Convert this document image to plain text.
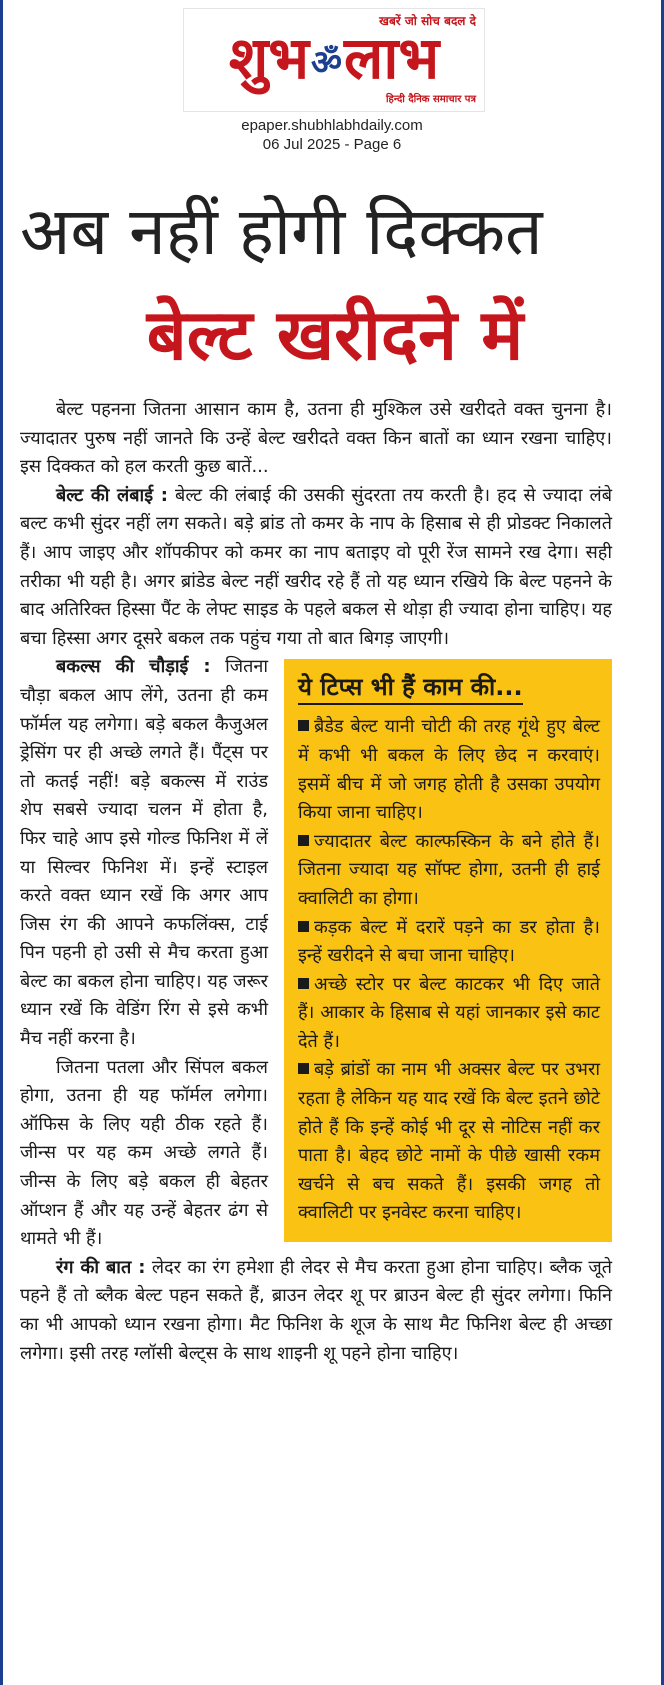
खबरें जो सोच बदल दे
शुभॐलाभ
हिन्दी दैनिक समाचार पत्र
epaper.shubhlabhdaily.com
06 Jul 2025 - Page 6
अब नहीं होगी दिक्कत
बेल्ट खरीदने में

बेल्ट पहनना जितना आसान काम है, उतना ही मुश्किल उसे खरीदते वक्त चुनना है। ज्यादातर पुरुष नहीं जानते कि उन्हें बेल्ट खरीदते वक्त किन बातों का ध्यान रखना चाहिए। इस दिक्कत को हल करती कुछ बातें...

बेल्ट की लंबाई : बेल्ट की लंबाई की उसकी सुंदरता तय करती है। हद से ज्यादा लंबे बल्ट कभी सुंदर नहीं लग सकते। बड़े ब्रांड तो कमर के नाप के हिसाब से ही प्रोडक्ट निकालते हैं। आप जाइए और शॉपकीपर को कमर का नाप बताइए वो पूरी रेंज सामने रख देगा। सही तरीका भी यही है। अगर ब्रांडेड बेल्ट नहीं खरीद रहे हैं तो यह ध्यान रखिये कि बेल्ट पहनने के बाद अतिरिक्त हिस्सा पैंट के लेफ्ट साइड के पहले बकल से थोड़ा ही ज्यादा होना चाहिए। यह बचा हिस्सा अगर दूसरे बकल तक पहुंच गया तो बात बिगड़ जाएगी।

ये टिप्स भी हैं काम की...

ब्रैडेड बेल्ट यानी चोटी की तरह गूंथे हुए बेल्ट में कभी भी बकल के लिए छेद न करवाएं। इसमें बीच में जो जगह होती है उसका उपयोग किया जाना चाहिए।

ज्यादातर बेल्ट काल्फस्किन के बने होते हैं। जितना ज्यादा यह सॉफ्ट होगा, उतनी ही हाई क्वालिटी का होगा।

कड़क बेल्ट में दरारें पड़ने का डर होता है। इन्हें खरीदने से बचा जाना चाहिए।

अच्छे स्टोर पर बेल्ट काटकर भी दिए जाते हैं। आकार के हिसाब से यहां जानकार इसे काट देते हैं।

बड़े ब्रांडों का नाम भी अक्सर बेल्ट पर उभरा रहता है लेकिन यह याद रखें कि बेल्ट इतने छोटे होते हैं कि इन्हें कोई भी दूर से नोटिस नहीं कर पाता है। बेहद छोटे नामों के पीछे खासी रकम खर्चने से बच सकते हैं। इसकी जगह तो क्वालिटी पर इनवेस्ट करना चाहिए।

बकल्स की चौड़ाई : जितना चौड़ा बकल आप लेंगे, उतना ही कम फॉर्मल यह लगेगा। बड़े बकल कैजुअल ड्रेसिंग पर ही अच्छे लगते हैं। पैंट्स पर तो कतई नहीं! बड़े बकल्स में राउंड शेप सबसे ज्यादा चलन में होता है, फिर चाहे आप इसे गोल्ड फिनिश में लें या सिल्वर फिनिश में। इन्हें स्टाइल करते वक्त ध्यान रखें कि अगर आप जिस रंग की आपने कफलिंक्स, टाई पिन पहनी हो उसी से मैच करता हुआ बेल्ट का बकल होना चाहिए। यह जरूर ध्यान रखें कि वेडिंग रिंग से इसे कभी मैच नहीं करना है।

जितना पतला और सिंपल बकल होगा, उतना ही यह फॉर्मल लगेगा। ऑफिस के लिए यही ठीक रहते हैं। जीन्स पर यह कम अच्छे लगते हैं। जीन्स के लिए बड़े बकल ही बेहतर ऑप्शन हैं और यह उन्हें बेहतर ढंग से थामते भी हैं।

रंग की बात : लेदर का रंग हमेशा ही लेदर से मैच करता हुआ होना चाहिए। ब्लैक जूते पहने हैं तो ब्लैक बेल्ट पहन सकते हैं, ब्राउन लेदर शू पर ब्राउन बेल्ट ही सुंदर लगेगा। फिनि का भी आपको ध्यान रखना होगा। मैट फिनिश के शूज के साथ मैट फिनिश बेल्ट ही अच्छा लगेगा। इसी तरह ग्लॉसी बेल्ट्स के साथ शाइनी शू पहने होना चाहिए।
